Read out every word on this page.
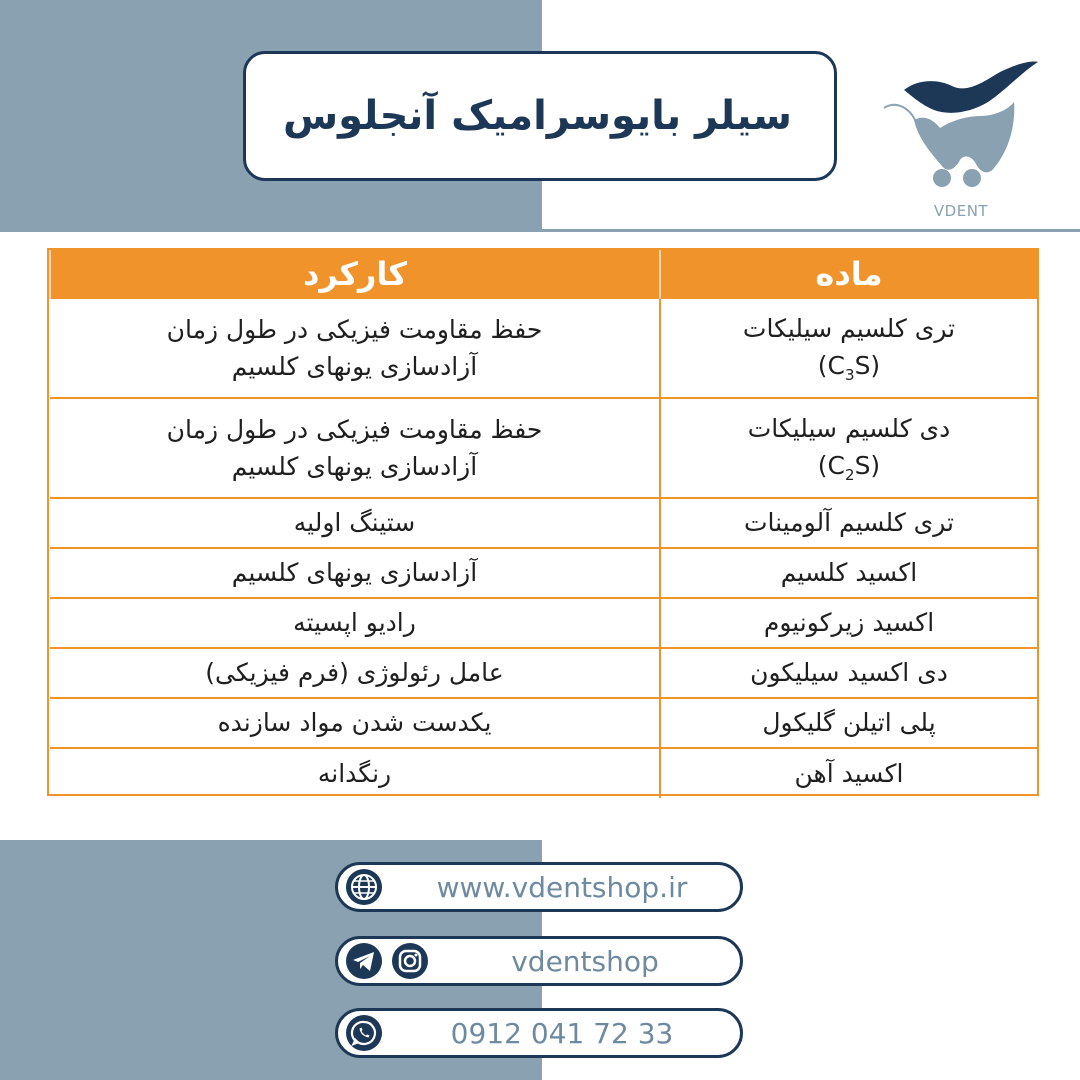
سیلر بایوسرامیک آنجلوس
VDENT
ماده	کارکرد

تری کلسیم سیلیکات
$(C_3S)$	حفظ مقاومت فیزیکی در طول زمان
آزادسازی یونهای کلسیم

دی کلسیم سیلیکات
$(C_2S)$	حفظ مقاومت فیزیکی در طول زمان
آزادسازی یونهای کلسیم

تری کلسیم آلومینات	ستینگ اولیه
اکسید کلسیم	آزادسازی یونهای کلسیم
اکسید زیرکونیوم	رادیو اپسیته
دی اکسید سیلیکون	عامل رئولوژی (فرم فیزیکی)
پلی اتیلن گلیکول	یکدست شدن مواد سازنده
اکسید آهن	رنگدانه
www.vdentshop.ir
vdentshop
0912 041 72 33
